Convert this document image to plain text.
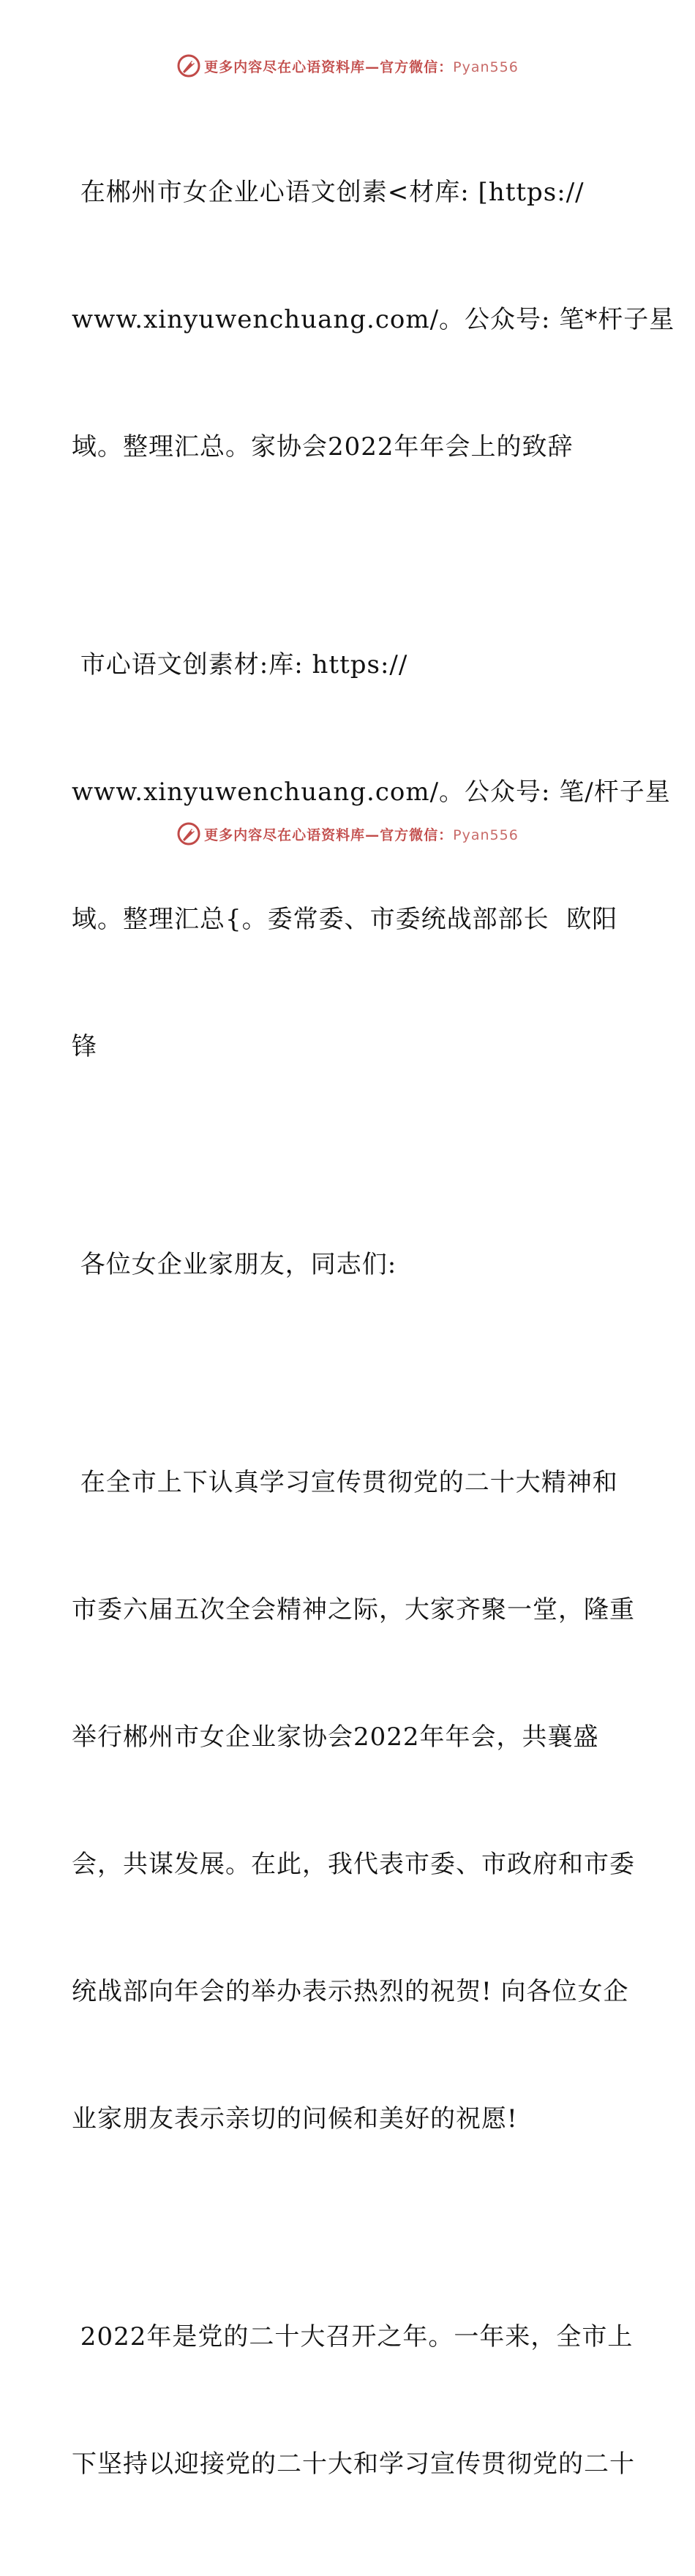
更多内容尽在心语资料库—官方微信：Pyan556

在郴州市女企业心语文创素<材库: [https://

www.xinyuwenchuang.com/。公众号: 笔*杆子星

域。整理汇总。家协会2022年年会上的致辞

市心语文创素材:库: https://

www.xinyuwenchuang.com/。公众号: 笔/杆子星

域。整理汇总{。委常委、市委统战部部长  欧阳

锋

各位女企业家朋友，同志们:

在全市上下认真学习宣传贯彻党的二十大精神和

市委六届五次全会精神之际，大家齐聚一堂，隆重

举行郴州市女企业家协会2022年年会，共襄盛

会，共谋发展。在此，我代表市委、市政府和市委

统战部向年会的举办表示热烈的祝贺! 向各位女企

业家朋友表示亲切的问候和美好的祝愿!

2022年是党的二十大召开之年。一年来，全市上

下坚持以迎接党的二十大和学习宣传贯彻党的二十

更多内容尽在心语资料库—官方微信：Pyan556
